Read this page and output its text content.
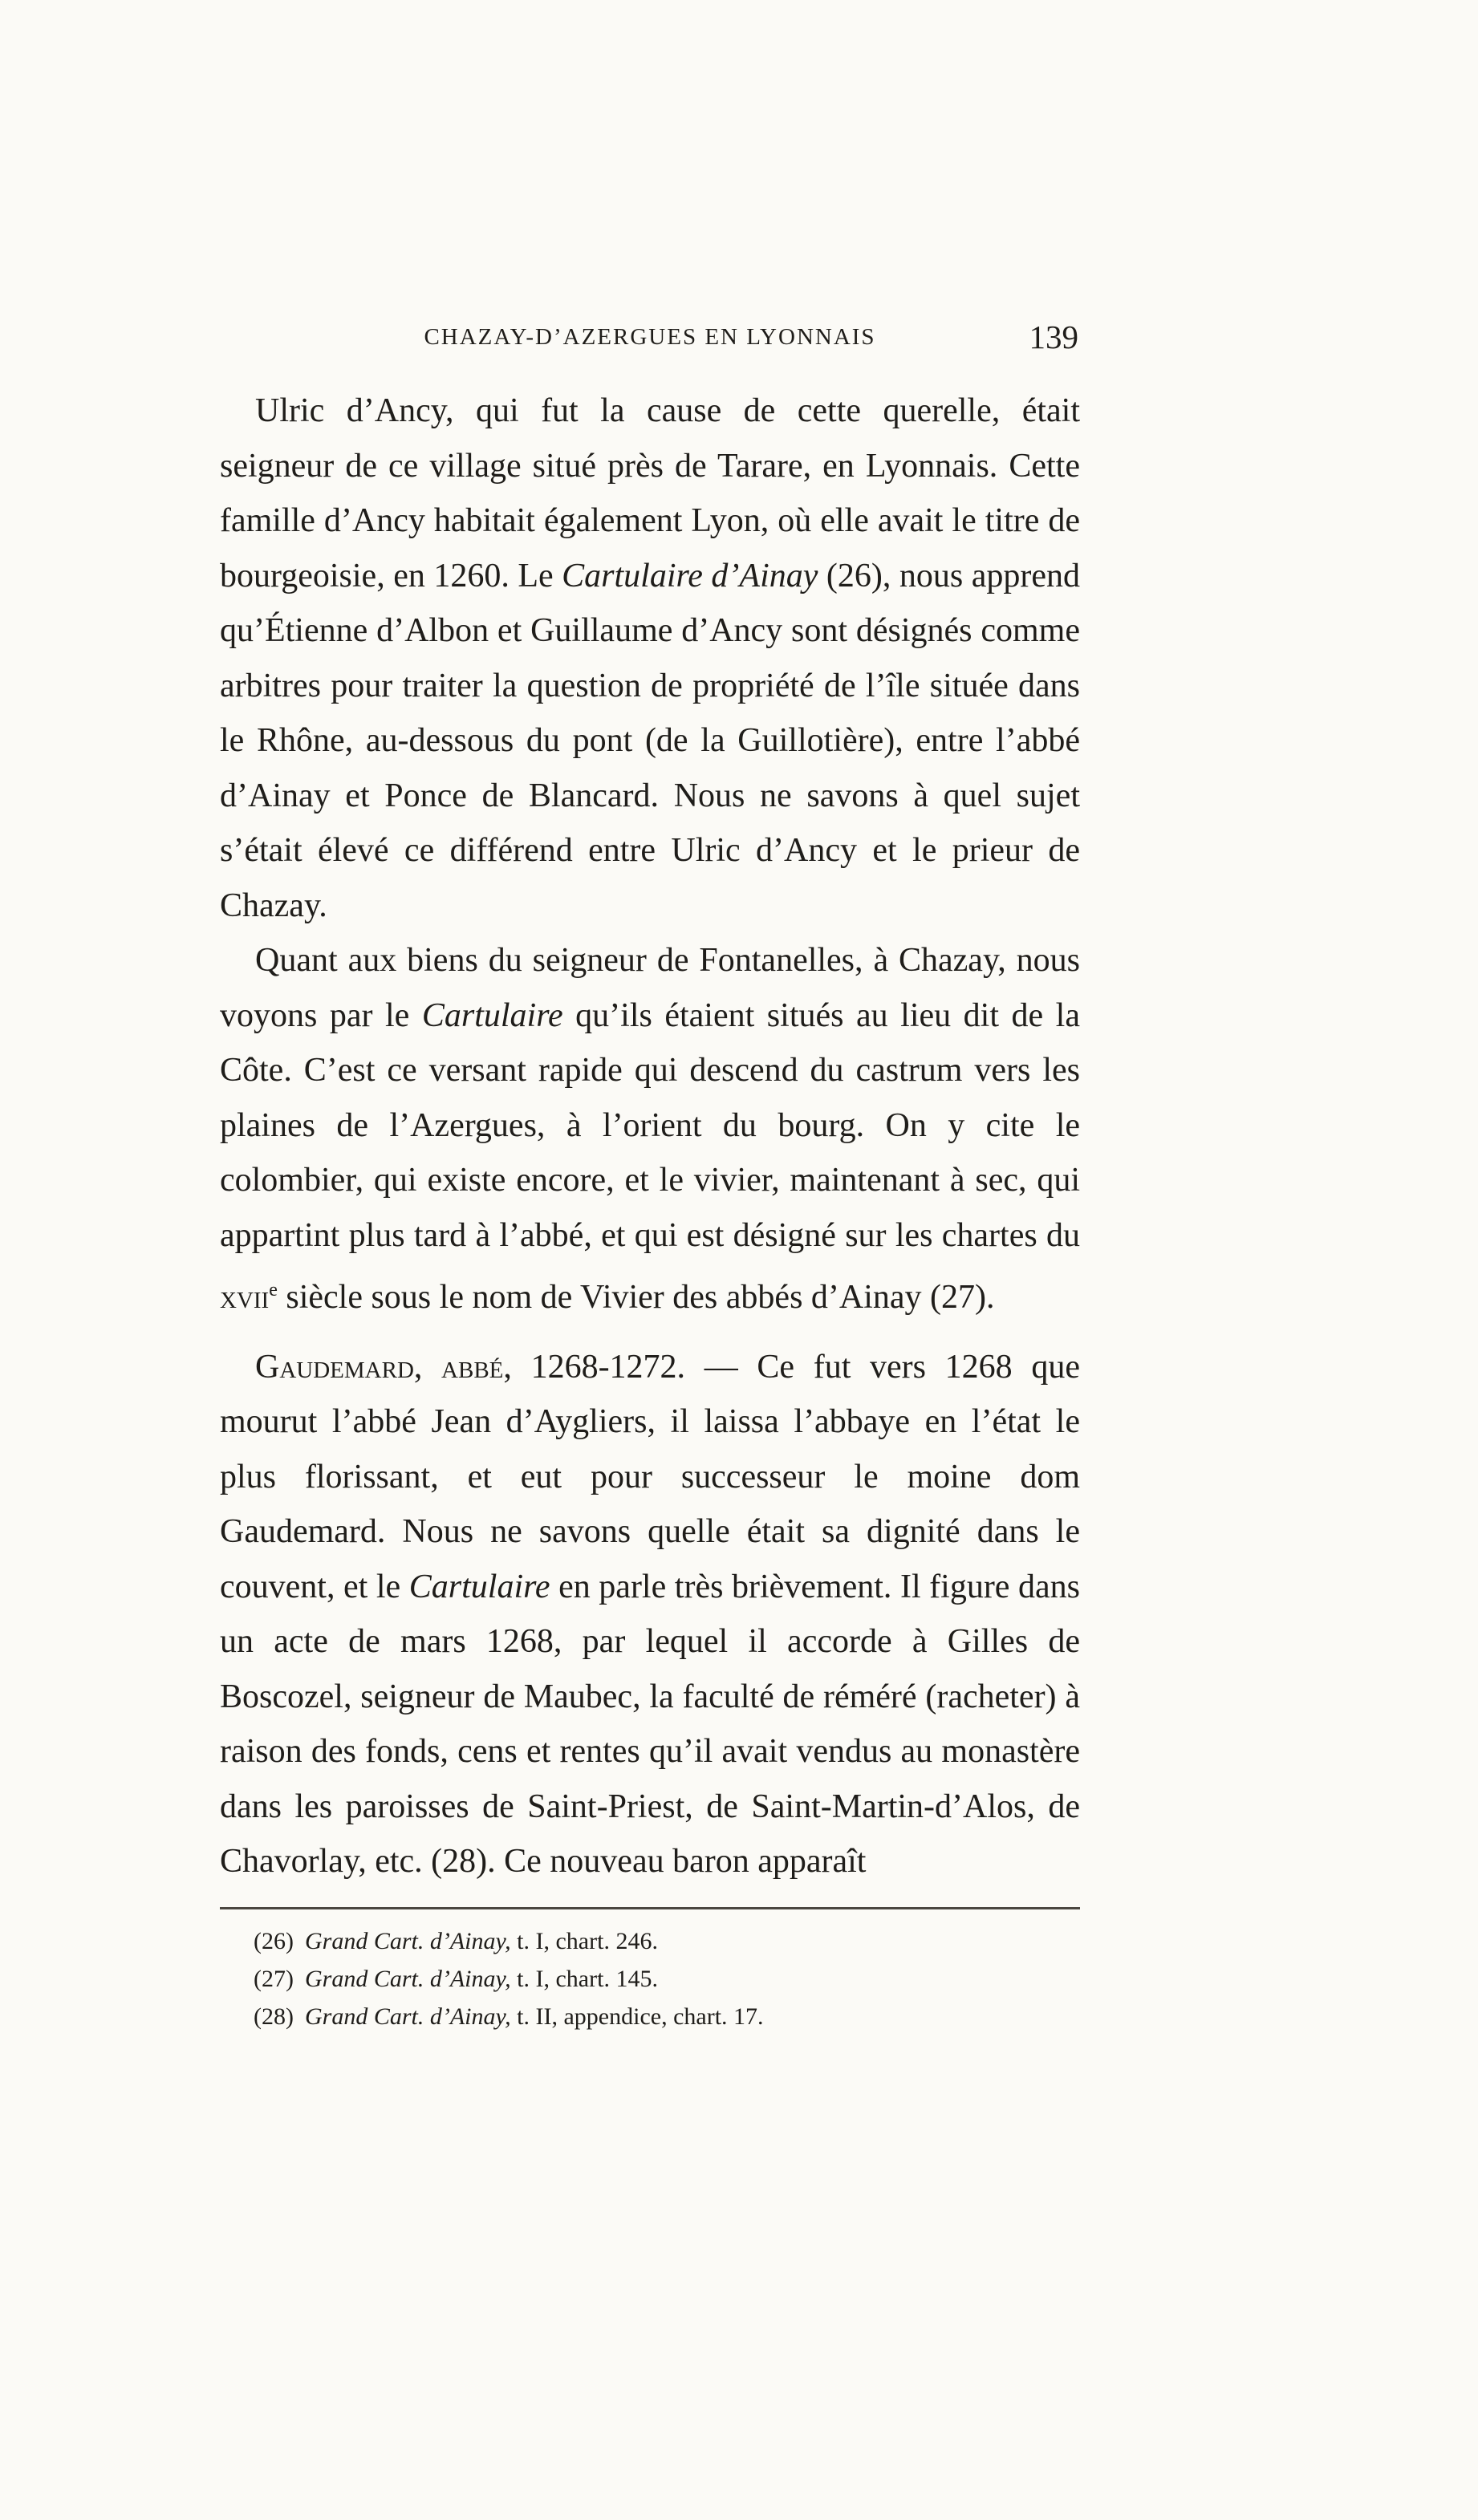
CHAZAY-D’AZERGUES EN LYONNAIS	139

Ulric d’Ancy, qui fut la cause de cette querelle, était seigneur de ce village situé près de Tarare, en Lyonnais. Cette famille d’Ancy habitait également Lyon, où elle avait le titre de bourgeoisie, en 1260. Le Cartulaire d’Ainay (26), nous apprend qu’Étienne d’Albon et Guillaume d’Ancy sont désignés comme arbitres pour traiter la question de propriété de l’île située dans le Rhône, au-dessous du pont (de la Guillotière), entre l’abbé d’Ainay et Ponce de Blancard. Nous ne savons à quel sujet s’était élevé ce différend entre Ulric d’Ancy et le prieur de Chazay.

Quant aux biens du seigneur de Fontanelles, à Chazay, nous voyons par le Cartulaire qu’ils étaient situés au lieu dit de la Côte. C’est ce versant rapide qui descend du castrum vers les plaines de l’Azergues, à l’orient du bourg. On y cite le colombier, qui existe encore, et le vivier, maintenant à sec, qui appartint plus tard à l’abbé, et qui est désigné sur les chartes du xvii$^e$ siècle sous le nom de Vivier des abbés d’Ainay (27).

Gaudemard, abbé, 1268-1272. — Ce fut vers 1268 que mourut l’abbé Jean d’Aygliers, il laissa l’abbaye en l’état le plus florissant, et eut pour successeur le moine dom Gaudemard. Nous ne savons quelle était sa dignité dans le couvent, et le Cartulaire en parle très brièvement. Il figure dans un acte de mars 1268, par lequel il accorde à Gilles de Boscozel, seigneur de Maubec, la faculté de réméré (racheter) à raison des fonds, cens et rentes qu’il avait vendus au monastère dans les paroisses de Saint-Priest, de Saint-Martin-d’Alos, de Chavorlay, etc. (28). Ce nouveau baron apparaît

(26) Grand Cart. d’Ainay, t. I, chart. 246.
(27) Grand Cart. d’Ainay, t. I, chart. 145.
(28) Grand Cart. d’Ainay, t. II, appendice, chart. 17.
